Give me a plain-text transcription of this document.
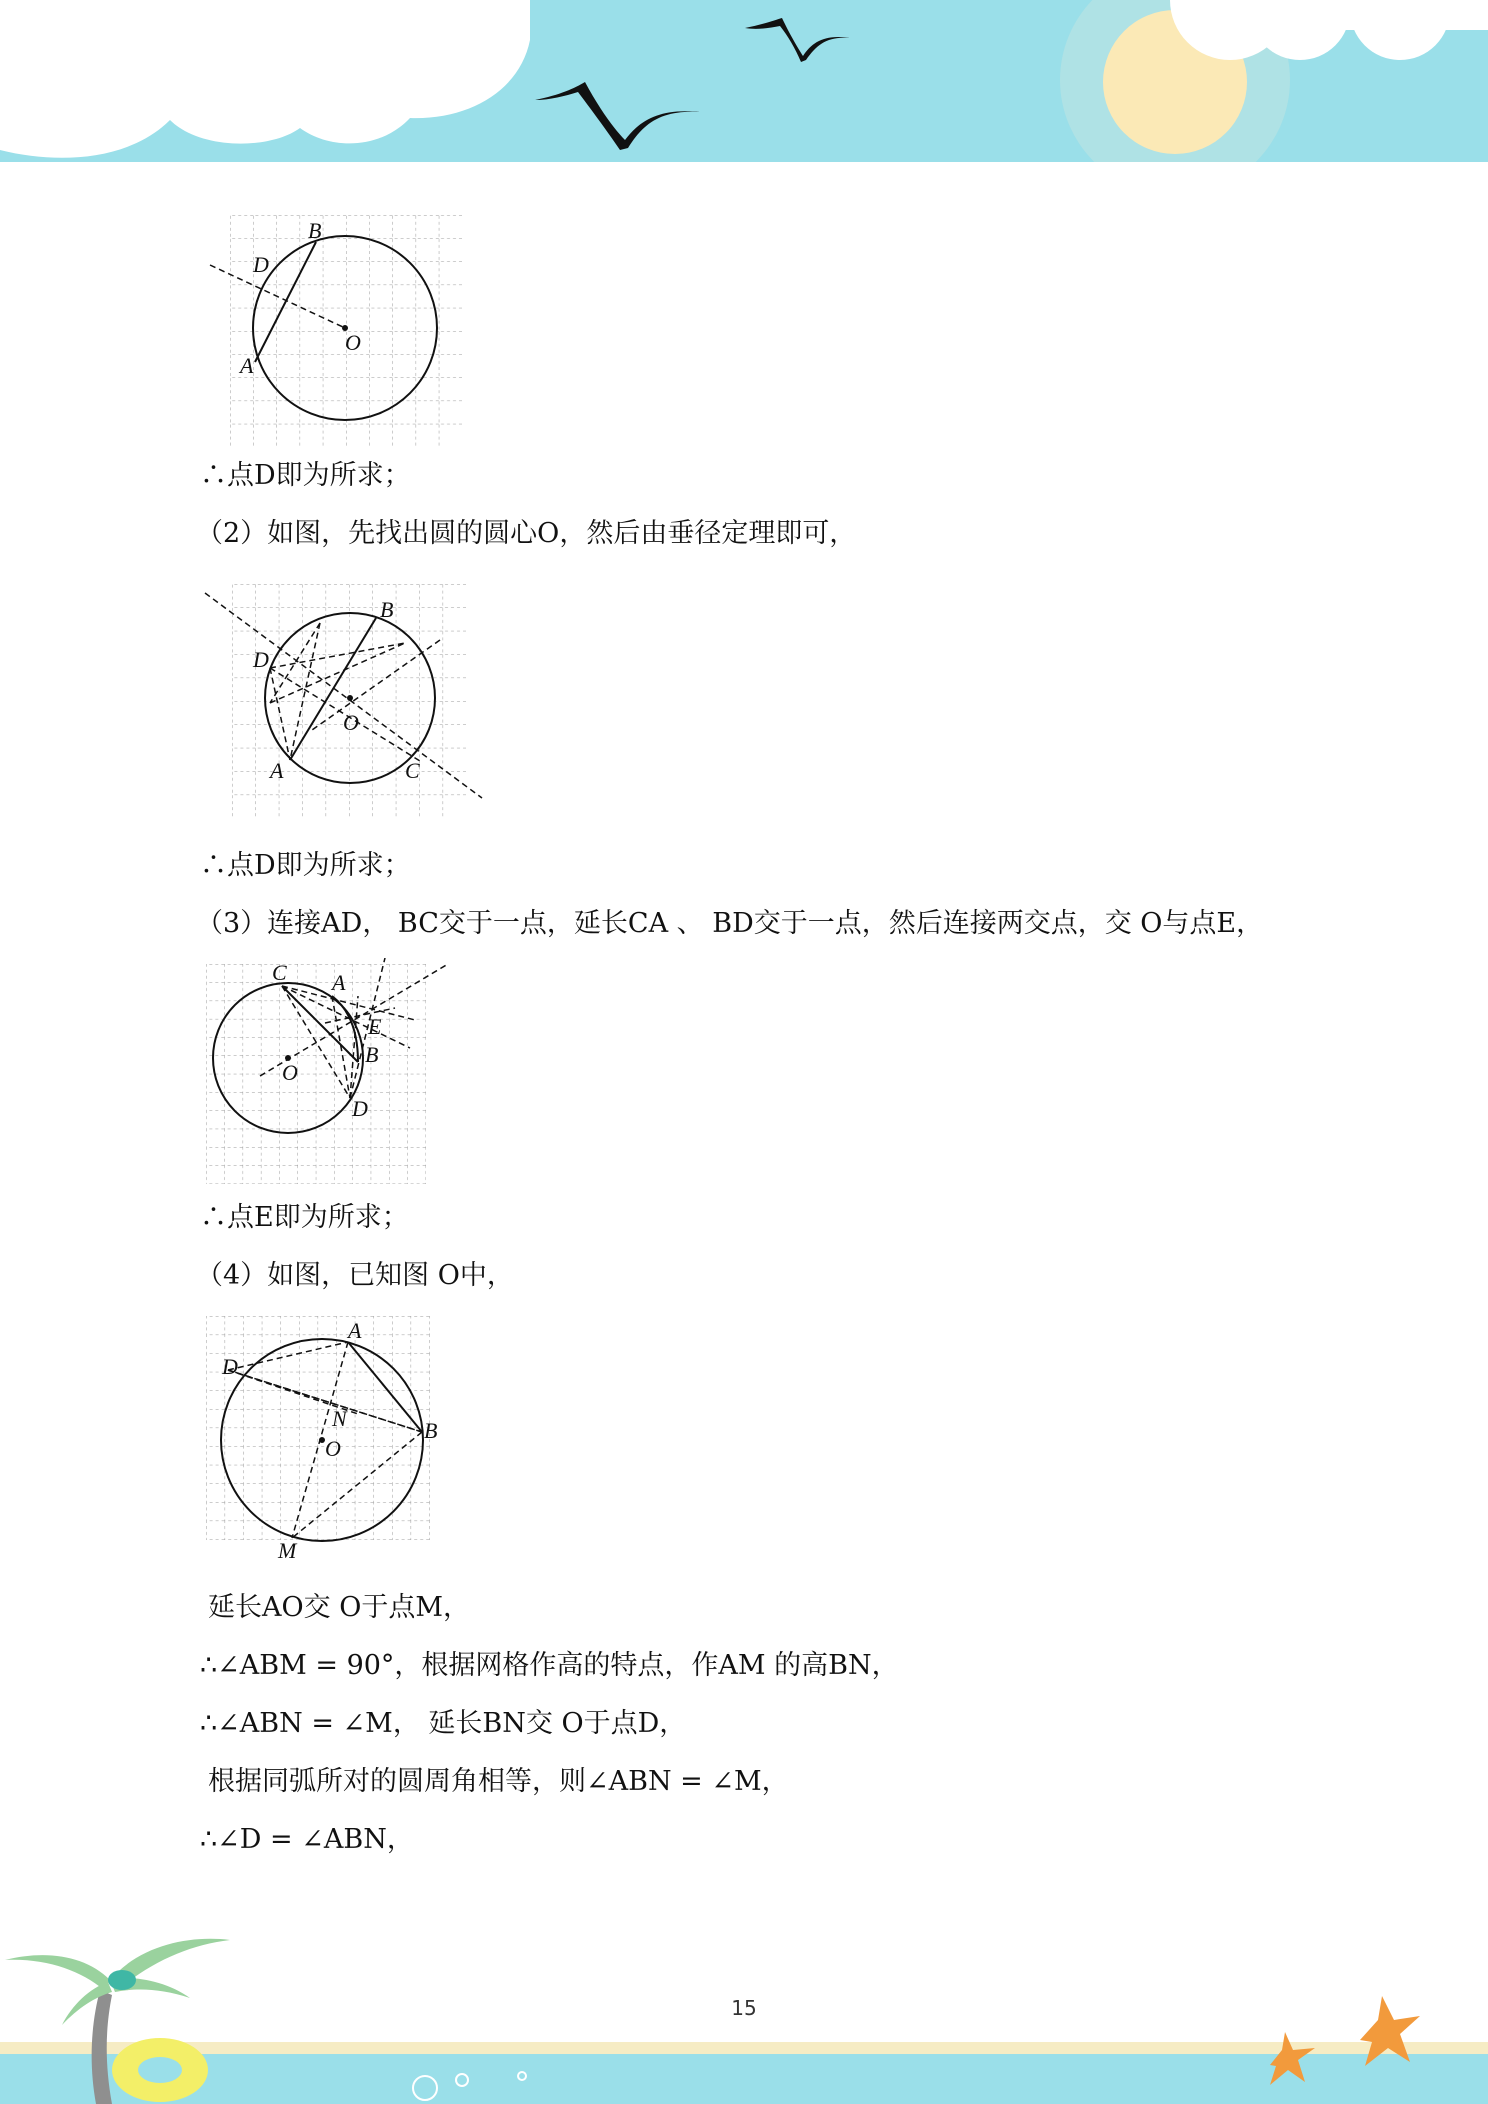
B
D
O
A
∴点D即为所求；
（2）如图，先找出圆的圆心O，然后由垂径定理即可，
B
D
O
A	C
∴点D即为所求；
（3）连接AD， BC交于一点，延长CA 、 BD交于一点，然后连接两交点，交 O与点E，
C A
E
B
O
D
∴点E即为所求；
（4）如图，已知图 O中，
A
D
N
O
B
M
延长AO交 O于点M，
∴∠ABM = 90°，根据网格作高的特点，作AM 的高BN，
∴∠ABN = ∠M， 延长BN交 O于点D，
根据同弧所对的圆周角相等，则∠ABN = ∠M，
∴∠D = ∠ABN，
15
